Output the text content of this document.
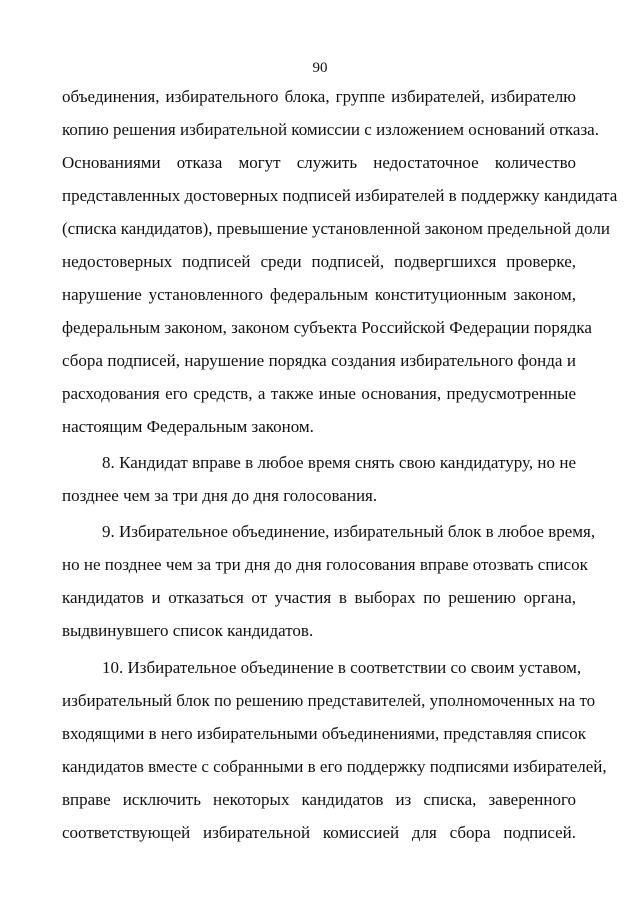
90
объединения, избирательного блока, группе избирателей, избирателю
копию решения избирательной комиссии с изложением оснований отказа.
Основаниями отказа могут служить недостаточное количество
представленных достоверных подписей избирателей в поддержку кандидата
(списка кандидатов), превышение установленной законом предельной доли
недостоверных подписей среди подписей, подвергшихся проверке,
нарушение установленного федеральным конституционным законом,
федеральным законом, законом субъекта Российской Федерации порядка
сбора подписей, нарушение порядка создания избирательного фонда и
расходования его средств, а также иные основания, предусмотренные
настоящим Федеральным законом.
8. Кандидат вправе в любое время снять свою кандидатуру, но не
позднее чем за три дня до дня голосования.
9. Избирательное объединение, избирательный блок в любое время,
но не позднее чем за три дня до дня голосования вправе отозвать список
кандидатов и отказаться от участия в выборах по решению органа,
выдвинувшего список кандидатов.
10. Избирательное объединение в соответствии со своим уставом,
избирательный блок по решению представителей, уполномоченных на то
входящими в него избирательными объединениями, представляя список
кандидатов вместе с собранными в его поддержку подписями избирателей,
вправе исключить некоторых кандидатов из списка, заверенного
соответствующей избирательной комиссией для сбора подписей.
